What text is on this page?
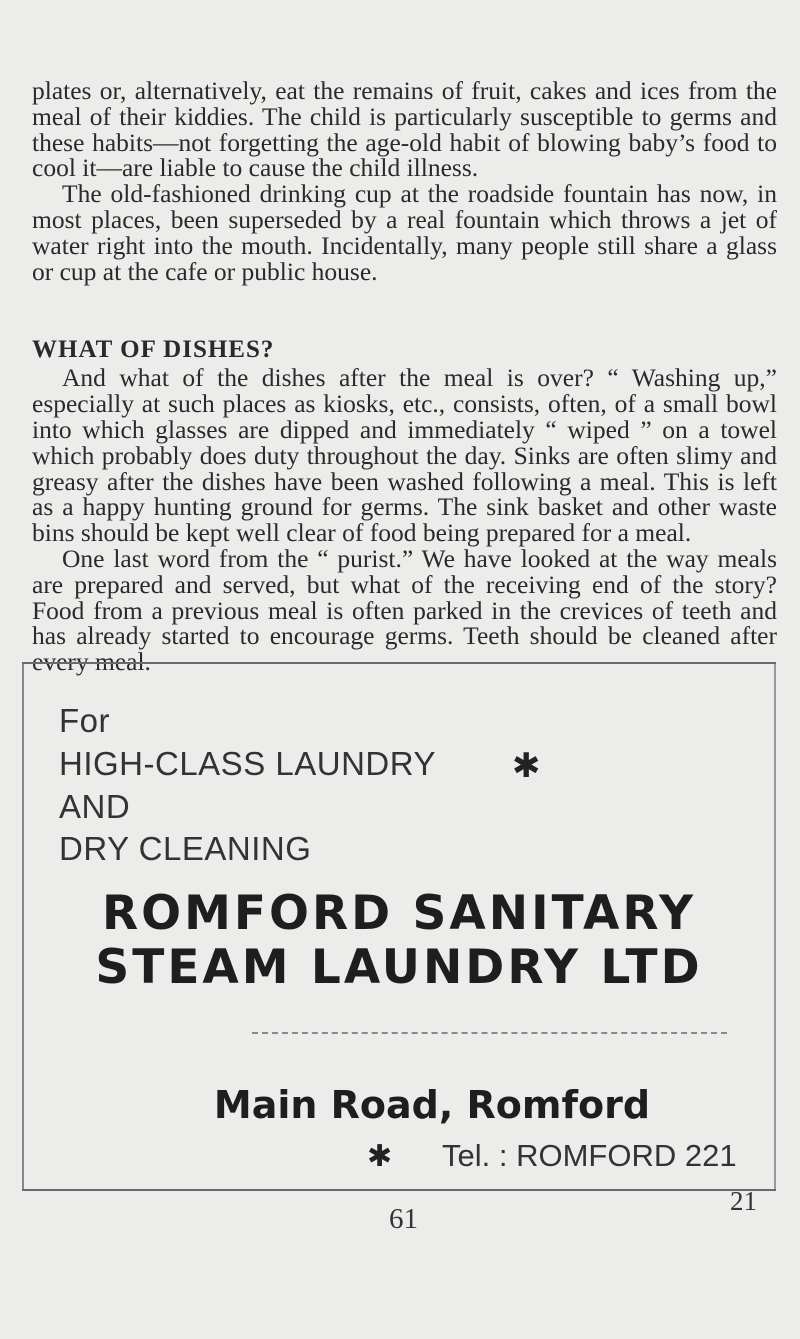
plates or, alternatively, eat the remains of fruit, cakes and ices from the meal of their kiddies. The child is particularly susceptible to germs and these habits—not forgetting the age-old habit of blowing baby’s food to cool it—are liable to cause the child illness.

The old-fashioned drinking cup at the roadside fountain has now, in most places, been superseded by a real fountain which throws a jet of water right into the mouth. Incidentally, many people still share a glass or cup at the cafe or public house.

WHAT OF DISHES?

And what of the dishes after the meal is over? “ Washing up,” especially at such places as kiosks, etc., consists, often, of a small bowl into which glasses are dipped and immediately “ wiped ” on a towel which probably does duty throughout the day. Sinks are often slimy and greasy after the dishes have been washed following a meal. This is left as a happy hunting ground for germs. The sink basket and other waste bins should be kept well clear of food being prepared for a meal.

One last word from the “ purist.” We have looked at the way meals are prepared and served, but what of the receiving end of the story? Food from a previous meal is often parked in the crevices of teeth and has already started to encourage germs. Teeth should be cleaned after every meal.

For
HIGH-CLASS LAUNDRY ✱
AND
DRY CLEANING
ROMFORD SANITARY
STEAM LAUNDRY LTD
Main Road, Romford
✱ Tel. : ROMFORD 221
21
61
